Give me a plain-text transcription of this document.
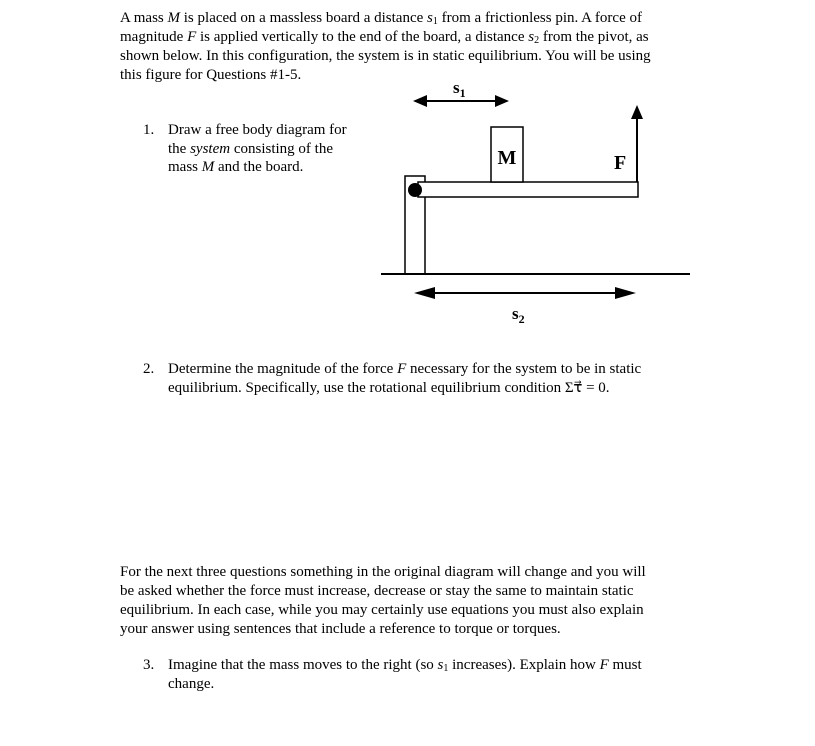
A mass M is placed on a massless board a distance $s_1$ from a frictionless pin. A force of
magnitude F is applied vertically to the end of the board, a distance $s_2$ from the pivot, as
shown below. In this configuration, the system is in static equilibrium. You will be using
this figure for Questions #1-5.
1. Draw a free body diagram for
the system consisting of the
mass M and the board.
$s_1$
M	F
$s_2$
2. Determine the magnitude of the force F necessary for the system to be in static
equilibrium. Specifically, use the rotational equilibrium condition Στ⃗ = 0.
For the next three questions something in the original diagram will change and you will
be asked whether the force must increase, decrease or stay the same to maintain static
equilibrium. In each case, while you may certainly use equations you must also explain
your answer using sentences that include a reference to torque or torques.
3. Imagine that the mass moves to the right (so $s_1$ increases). Explain how F must
change.
